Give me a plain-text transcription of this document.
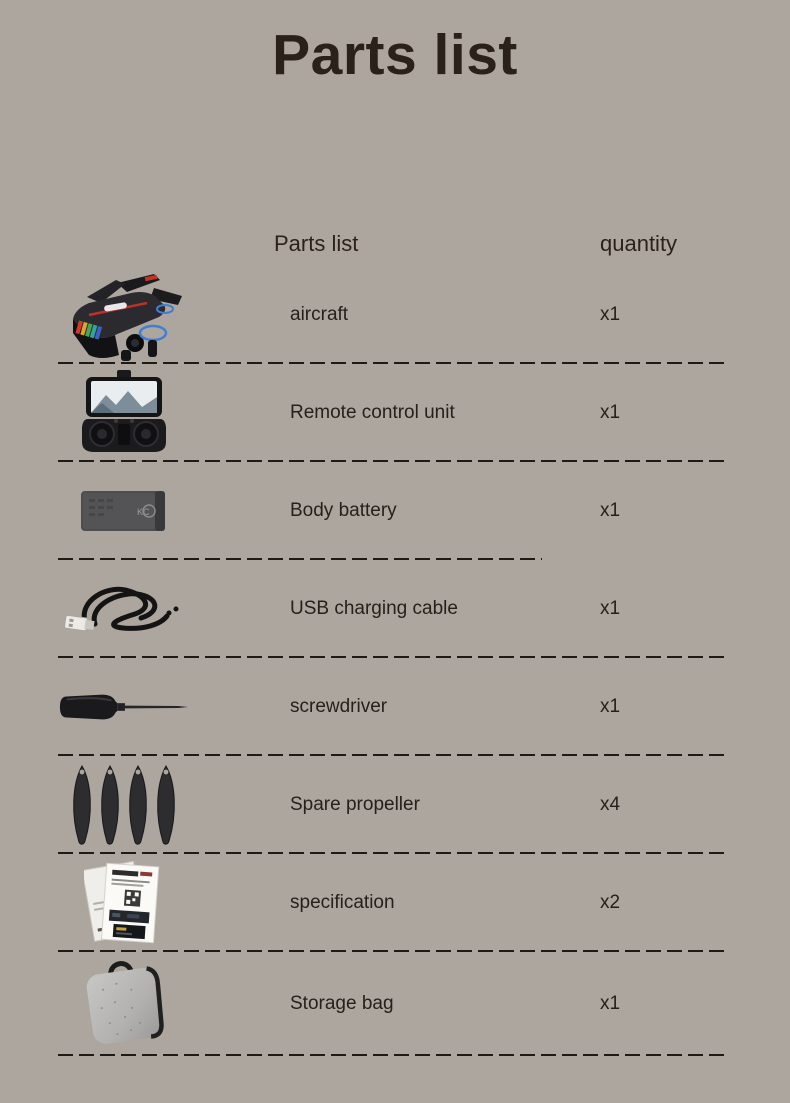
Parts list
Parts list	quantity
aircraft	x1
Remote control unit	x1
KC	Body battery	x1
USB charging cable	x1
screwdriver	x1
Spare propeller	x4
specification	x2
Storage bag	x1
